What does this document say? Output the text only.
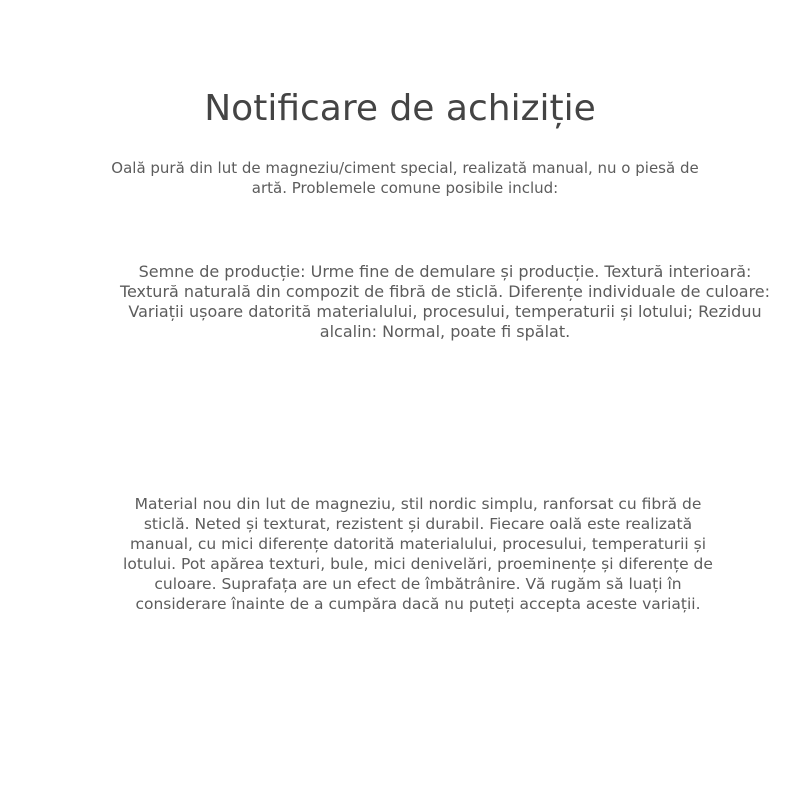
Notificare de achiziție

Oală pură din lut de magneziu/ciment special, realizată manual, nu o piesă de artă. Problemele comune posibile includ:

Semne de producție: Urme fine de demulare și producție. Textură interioară: Textură naturală din compozit de fibră de sticlă. Diferențe individuale de culoare: Variații ușoare datorită materialului, procesului, temperaturii și lotului; Reziduu alcalin: Normal, poate fi spălat.

Material nou din lut de magneziu, stil nordic simplu, ranforsat cu fibră de sticlă. Neted și texturat, rezistent și durabil. Fiecare oală este realizată manual, cu mici diferențe datorită materialului, procesului, temperaturii și lotului. Pot apărea texturi, bule, mici denivelări, proeminențe și diferențe de culoare. Suprafața are un efect de îmbătrânire. Vă rugăm să luați în considerare înainte de a cumpăra dacă nu puteți accepta aceste variații.
